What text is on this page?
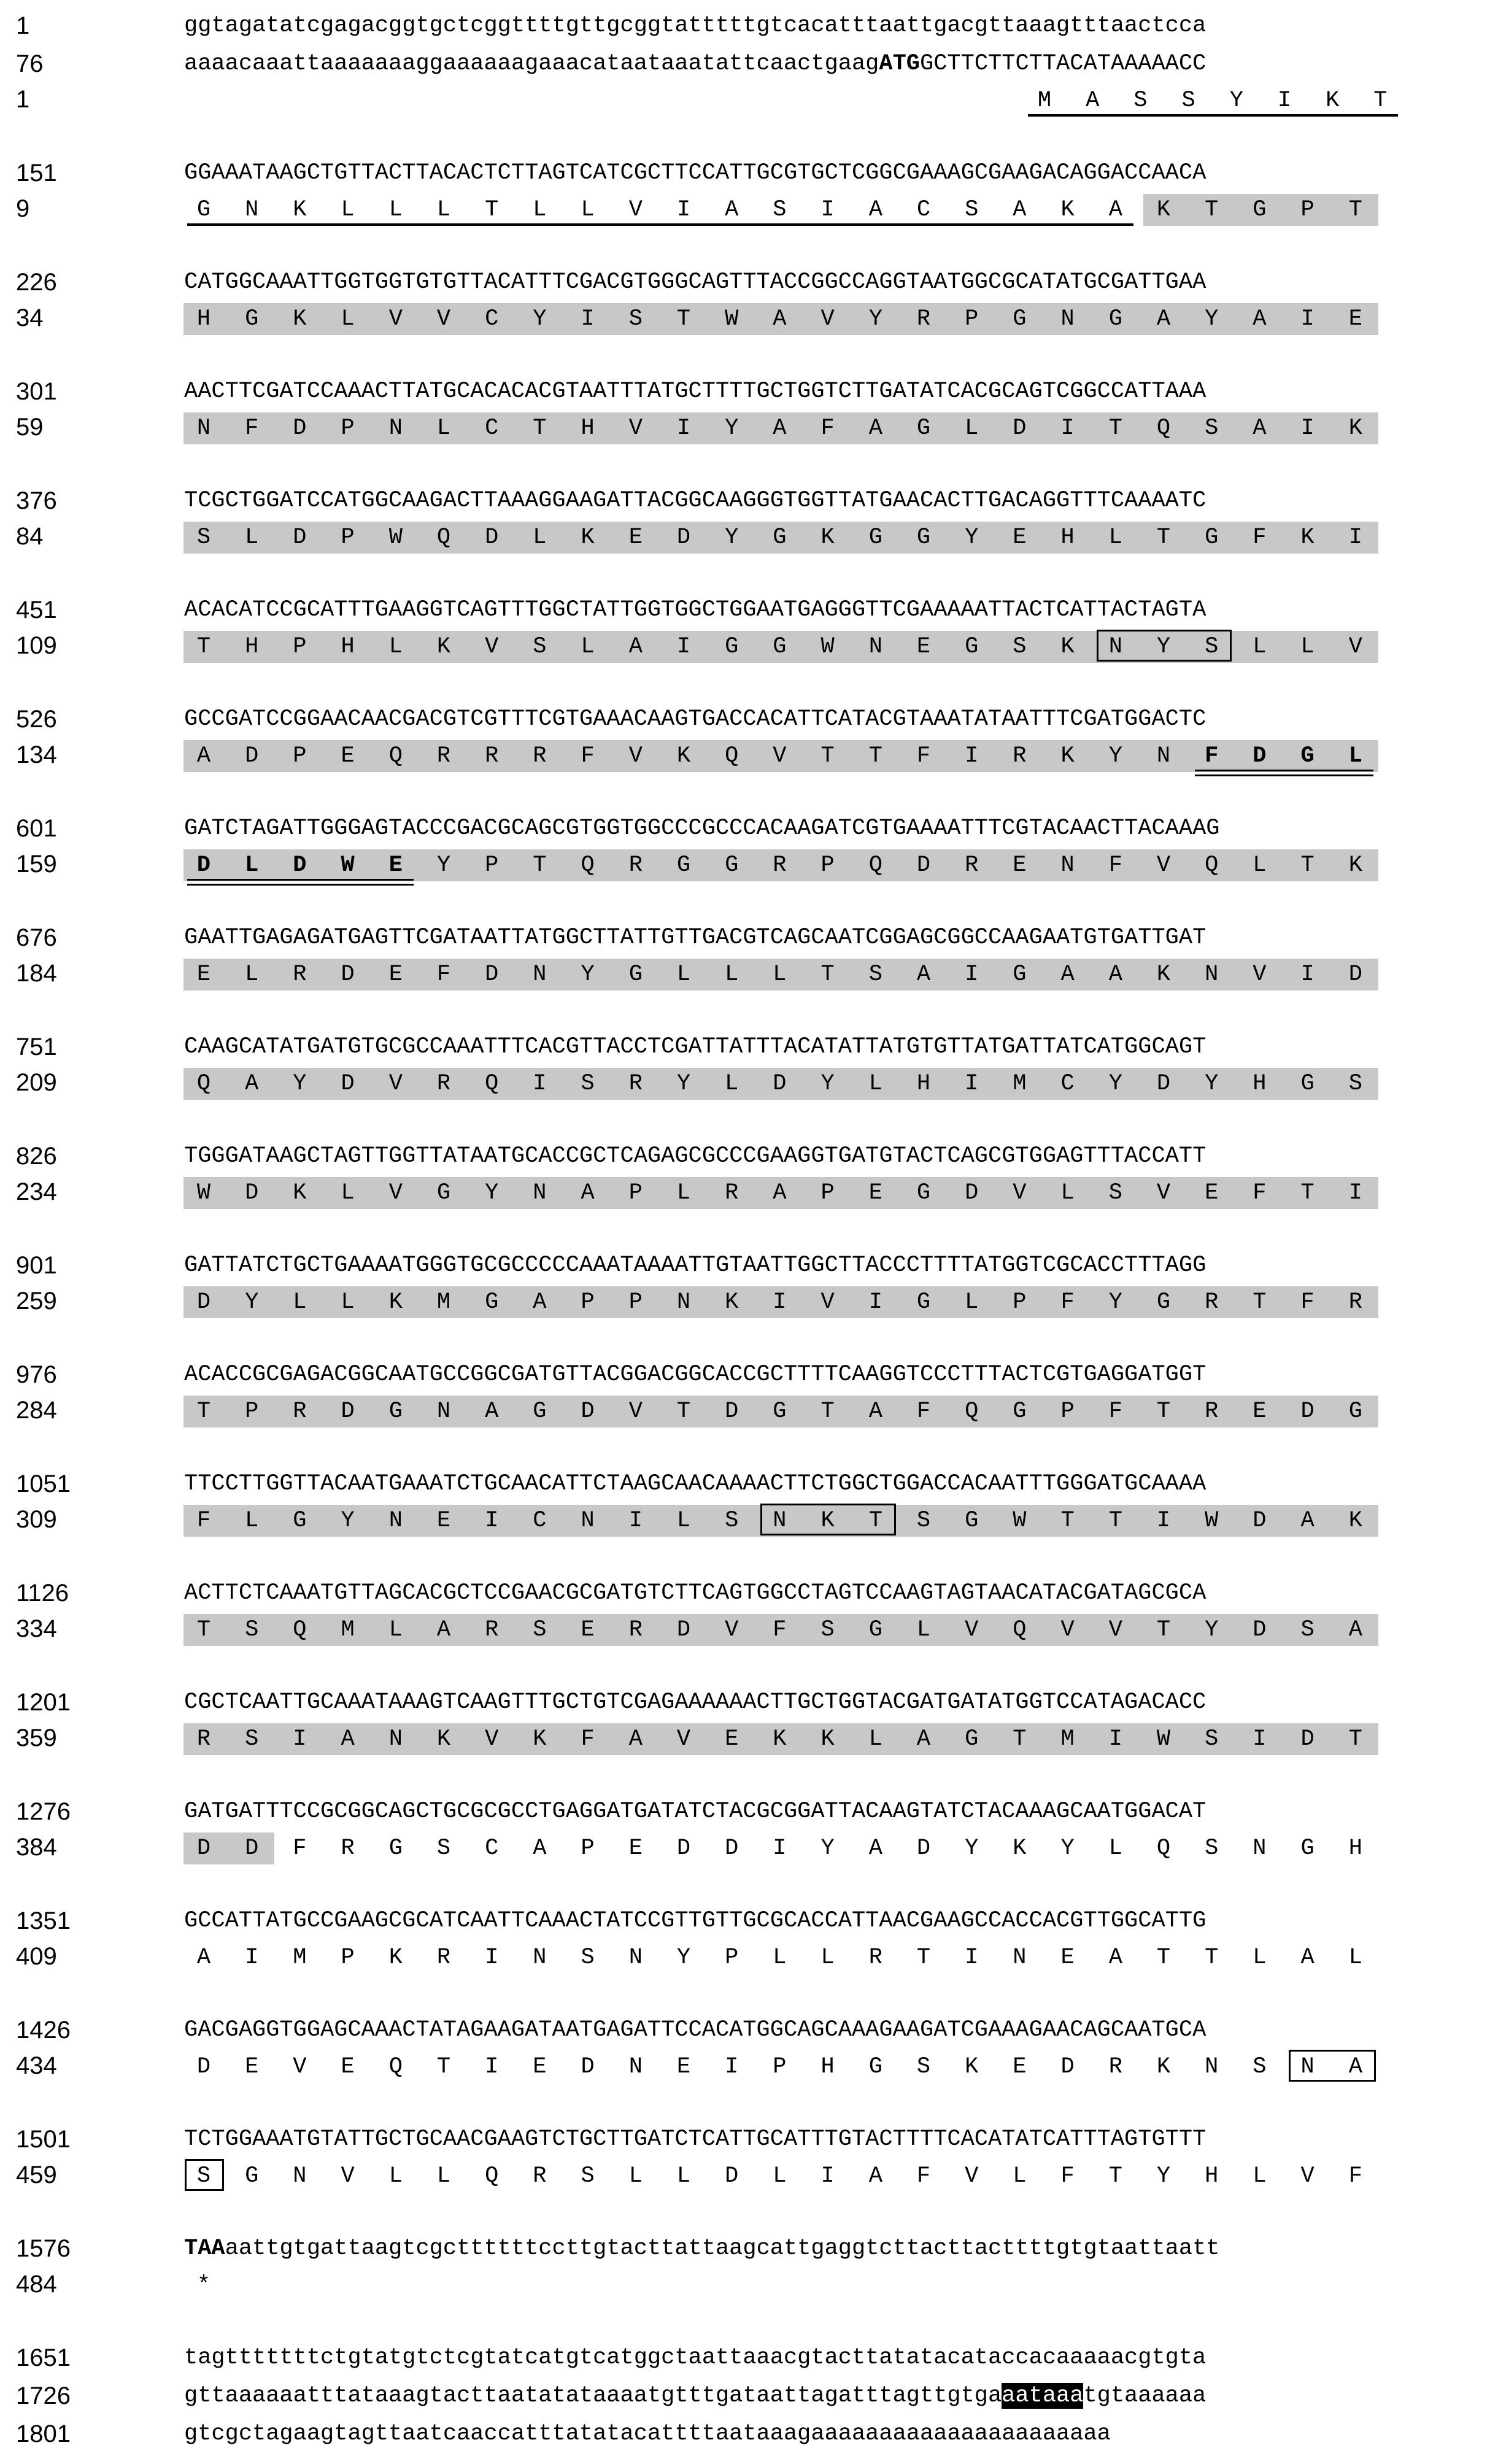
1	ggtagatatcgagacggtgctcggttttgttgcggtatttttgtcacatttaattgacgttaaagtttaactcca
76	aaaacaaattaaaaaaaggaaaaaagaaacataataaatattcaactgaagATGGCTTCTTCTTACATAAAAACC
1	M A S S Y I K T
151	GGAAATAAGCTGTTACTTACACTCTTAGTCATCGCTTCCATTGCGTGCTCGGCGAAAGCGAAGACAGGACCAACA
9	G N K L L L T L L V I A S I A C S A K A K T G P T
226	CATGGCAAATTGGTGGTGTGTTACATTTCGACGTGGGCAGTTTACCGGCCAGGTAATGGCGCATATGCGATTGAA
34	H G K L V V C Y I S T W A V Y R P G N G A Y A I E
301	AACTTCGATCCAAACTTATGCACACACGTAATTTATGCTTTTGCTGGTCTTGATATCACGCAGTCGGCCATTAAA
59	N F D P N L C T H V I Y A F A G L D I T Q S A I K
376	TCGCTGGATCCATGGCAAGACTTAAAGGAAGATTACGGCAAGGGTGGTTATGAACACTTGACAGGTTTCAAAATC
84	S L D P W Q D L K E D Y G K G G Y E H L T G F K I
451	ACACATCCGCATTTGAAGGTCAGTTTGGCTATTGGTGGCTGGAATGAGGGTTCGAAAAATTACTCATTACTAGTA
109	T H P H L K V S L A I G G W N E G S K N Y S L L V
526	GCCGATCCGGAACAACGACGTCGTTTCGTGAAACAAGTGACCACATTCATACGTAAATATAATTTCGATGGACTC
134	A D P E Q R R R F V K Q V T T F I R K Y N F D G L
601	GATCTAGATTGGGAGTACCCGACGCAGCGTGGTGGCCCGCCCACAAGATCGTGAAAATTTCGTACAACTTACAAAG
159	D L D W E Y P T Q R G G R P Q D R E N F V Q L T K
676	GAATTGAGAGATGAGTTCGATAATTATGGCTTATTGTTGACGTCAGCAATCGGAGCGGCCAAGAATGTGATTGAT
184	E L R D E F D N Y G L L L T S A I G A A K N V I D
751	CAAGCATATGATGTGCGCCAAATTTCACGTTACCTCGATTATTTACATATTATGTGTTATGATTATCATGGCAGT
209	Q A Y D V R Q I S R Y L D Y L H I M C Y D Y H G S
826	TGGGATAAGCTAGTTGGTTATAATGCACCGCTCAGAGCGCCCGAAGGTGATGTACTCAGCGTGGAGTTTACCATT
234	W D K L V G Y N A P L R A P E G D V L S V E F T I
901	GATTATCTGCTGAAAATGGGTGCGCCCCCAAATAAAATTGTAATTGGCTTACCCTTTTATGGTCGCACCTTTAGG
259	D Y L L K M G A P P N K I V I G L P F Y G R T F R
976	ACACCGCGAGACGGCAATGCCGGCGATGTTACGGACGGCACCGCTTTTCAAGGTCCCTTTACTCGTGAGGATGGT
284	T P R D G N A G D V T D G T A F Q G P F T R E D G
1051	TTCCTTGGTTACAATGAAATCTGCAACATTCTAAGCAACAAAACTTCTGGCTGGACCACAATTTGGGATGCAAAA
309	F L G Y N E I C N I L S N K T S G W T T I W D A K
1126	ACTTCTCAAATGTTAGCACGCTCCGAACGCGATGTCTTCAGTGGCCTAGTCCAAGTAGTAACATACGATAGCGCA
334	T S Q M L A R S E R D V F S G L V Q V V T Y D S A
1201	CGCTCAATTGCAAATAAAGTCAAGTTTGCTGTCGAGAAAAAACTTGCTGGTACGATGATATGGTCCATAGACACC
359	R S I A N K V K F A V E K K L A G T M I W S I D T
1276	GATGATTTCCGCGGCAGCTGCGCGCCTGAGGATGATATCTACGCGGATTACAAGTATCTACAAAGCAATGGACAT
384	D D F R G S C A P E D D I Y A D Y K Y L Q S N G H
1351	GCCATTATGCCGAAGCGCATCAATTCAAACTATCCGTTGTTGCGCACCATTAACGAAGCCACCACGTTGGCATTG
409	A I M P K R I N S N Y P L L R T I N E A T T L A L
1426	GACGAGGTGGAGCAAACTATAGAAGATAATGAGATTCCACATGGCAGCAAAGAAGATCGAAAGAACAGCAATGCA
434	D E V E Q T I E D N E I P H G S K E D R K N S N A
1501	TCTGGAAATGTATTGCTGCAACGAAGTCTGCTTGATCTCATTGCATTTGTACTTTTCACATATCATTTAGTGTTT
459	S G N V L L Q R S L L D L I A F V L F T Y H L V F
1576	TAAaattgtgattaagtcgcttttttccttgtacttattaagcattgaggtcttacttacttttgtgtaattaatt
484	*
1651	tagtttttttctgtatgtctcgtatcatgtcatggctaattaaacgtacttatatacataccacaaaaacgtgta
1726	gttaaaaaatttataaagtacttaatatataaaatgtttgataattagatttagttgtgaaataaatgtaaaaaa
1801	gtcgctagaagtagttaatcaaccatttatatacattttaataaagaaaaaaaaaaaaaaaaaaaaaa
